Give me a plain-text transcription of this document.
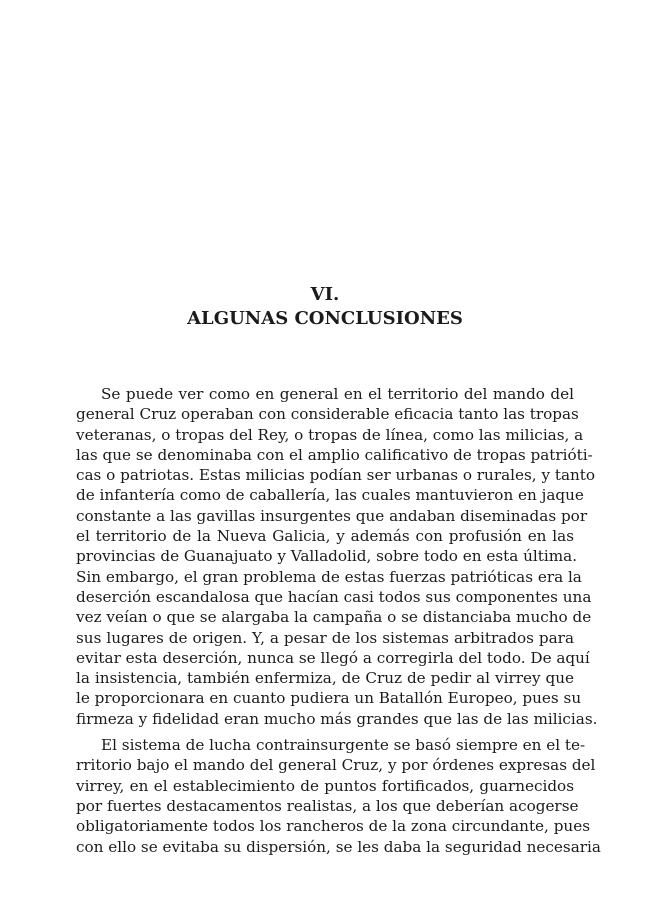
VI.
ALGUNAS CONCLUSIONES
Se puede ver como en general en el territorio del mando del
general Cruz operaban con considerable eficacia tanto las tropas
veteranas, o tropas del Rey, o tropas de línea, como las milicias, a
las que se denominaba con el amplio calificativo de tropas patrióti-
cas o patriotas. Estas milicias podían ser urbanas o rurales, y tanto
de infantería como de caballería, las cuales mantuvieron en jaque
constante a las gavillas insurgentes que andaban diseminadas por
el territorio de la Nueva Galicia, y además con profusión en las
provincias de Guanajuato y Valladolid, sobre todo en esta última.
Sin embargo, el gran problema de estas fuerzas patrióticas era la
deserción escandalosa que hacían casi todos sus componentes una
vez veían o que se alargaba la campaña o se distanciaba mucho de
sus lugares de origen. Y, a pesar de los sistemas arbitrados para
evitar esta deserción, nunca se llegó a corregirla del todo. De aquí
la insistencia, también enfermiza, de Cruz de pedir al virrey que
le proporcionara en cuanto pudiera un Batallón Europeo, pues su
firmeza y fidelidad eran mucho más grandes que las de las milicias.
El sistema de lucha contrainsurgente se basó siempre en el te-
rritorio bajo el mando del general Cruz, y por órdenes expresas del
virrey, en el establecimiento de puntos fortificados, guarnecidos
por fuertes destacamentos realistas, a los que deberían acogerse
obligatoriamente todos los rancheros de la zona circundante, pues
con ello se evitaba su dispersión, se les daba la seguridad necesaria
